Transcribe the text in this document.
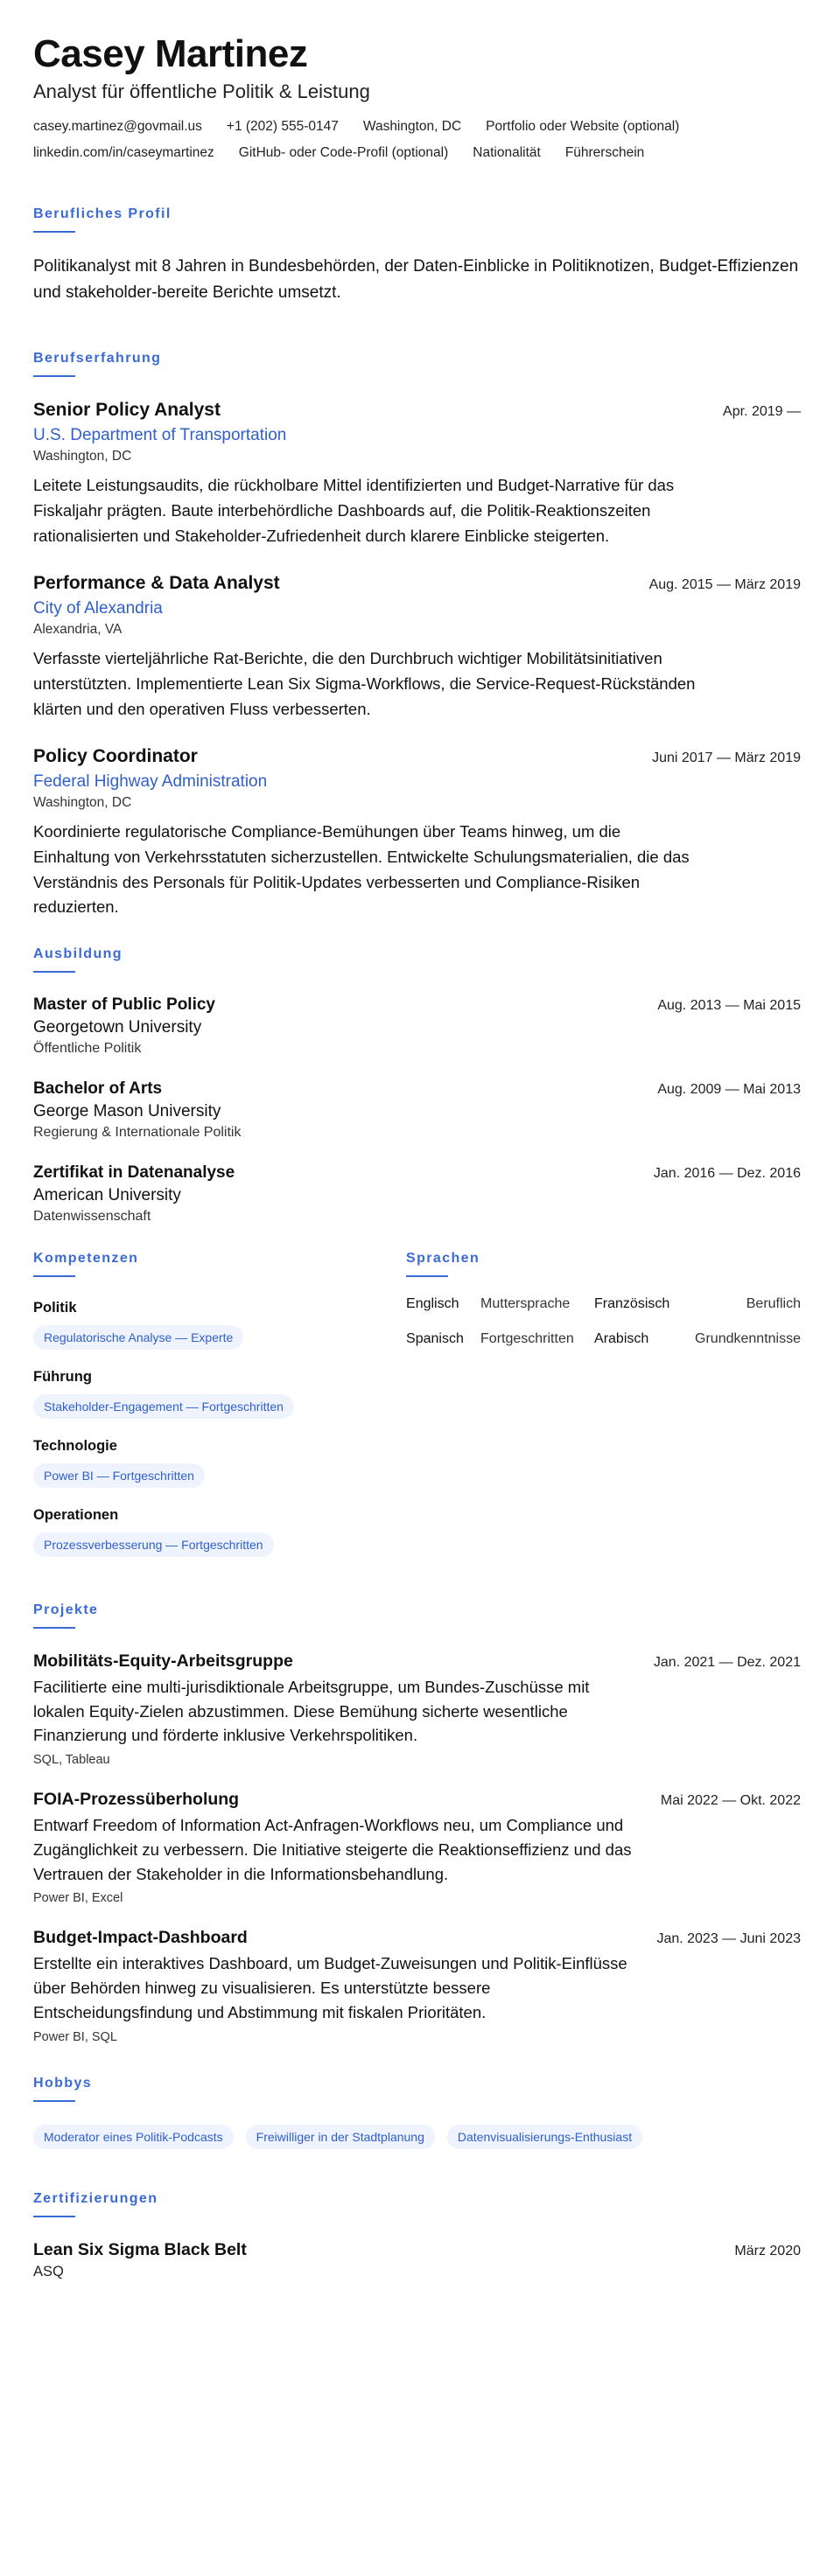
Casey Martinez
Analyst für öffentliche Politik & Leistung
casey.martinez@govmail.us +1 (202) 555-0147 Washington, DC Portfolio oder Website (optional)
linkedin.com/in/caseymartinez GitHub- oder Code-Profil (optional) Nationalität Führerschein
Berufliches Profil
Politikanalyst mit 8 Jahren in Bundesbehörden, der Daten-Einblicke in Politiknotizen, Budget-Effizienzen und stakeholder-bereite Berichte umsetzt.
Berufserfahrung
Senior Policy Analyst	Apr. 2019 —
U.S. Department of Transportation
Washington, DC
Leitete Leistungsaudits, die rückholbare Mittel identifizierten und Budget-Narrative für das Fiskaljahr prägten. Baute interbehördliche Dashboards auf, die Politik-Reaktionszeiten rationalisierten und Stakeholder-Zufriedenheit durch klarere Einblicke steigerten.
Performance & Data Analyst	Aug. 2015 — März 2019
City of Alexandria
Alexandria, VA
Verfasste vierteljährliche Rat-Berichte, die den Durchbruch wichtiger Mobilitätsinitiativen unterstützten. Implementierte Lean Six Sigma-Workflows, die Service-Request-Rückständen klärten und den operativen Fluss verbesserten.
Policy Coordinator	Juni 2017 — März 2019
Federal Highway Administration
Washington, DC
Koordinierte regulatorische Compliance-Bemühungen über Teams hinweg, um die Einhaltung von Verkehrsstatuten sicherzustellen. Entwickelte Schulungsmaterialien, die das Verständnis des Personals für Politik-Updates verbesserten und Compliance-Risiken reduzierten.
Ausbildung
Master of Public Policy	Aug. 2013 — Mai 2015
Georgetown University
Öffentliche Politik
Bachelor of Arts	Aug. 2009 — Mai 2013
George Mason University
Regierung & Internationale Politik
Zertifikat in Datenanalyse	Jan. 2016 — Dez. 2016
American University
Datenwissenschaft
Kompetenzen
Politik
Regulatorische Analyse — Experte
Führung
Stakeholder-Engagement — Fortgeschritten
Technologie
Power BI — Fortgeschritten
Operationen
Prozessverbesserung — Fortgeschritten
Sprachen
Englisch	Muttersprache	Französisch	Beruflich
Spanisch	Fortgeschritten	Arabisch	Grundkenntnisse
Projekte
Mobilitäts-Equity-Arbeitsgruppe	Jan. 2021 — Dez. 2021
Facilitierte eine multi-jurisdiktionale Arbeitsgruppe, um Bundes-Zuschüsse mit lokalen Equity-Zielen abzustimmen. Diese Bemühung sicherte wesentliche Finanzierung und förderte inklusive Verkehrspolitiken.
SQL, Tableau
FOIA-Prozessüberholung	Mai 2022 — Okt. 2022
Entwarf Freedom of Information Act-Anfragen-Workflows neu, um Compliance und Zugänglichkeit zu verbessern. Die Initiative steigerte die Reaktionseffizienz und das Vertrauen der Stakeholder in die Informationsbehandlung.
Power BI, Excel
Budget-Impact-Dashboard	Jan. 2023 — Juni 2023
Erstellte ein interaktives Dashboard, um Budget-Zuweisungen und Politik-Einflüsse über Behörden hinweg zu visualisieren. Es unterstützte bessere Entscheidungsfindung und Abstimmung mit fiskalen Prioritäten.
Power BI, SQL
Hobbys
Moderator eines Politik-Podcasts	Freiwilliger in der Stadtplanung	Datenvisualisierungs-Enthusiast
Zertifizierungen
Lean Six Sigma Black Belt	März 2020
ASQ
